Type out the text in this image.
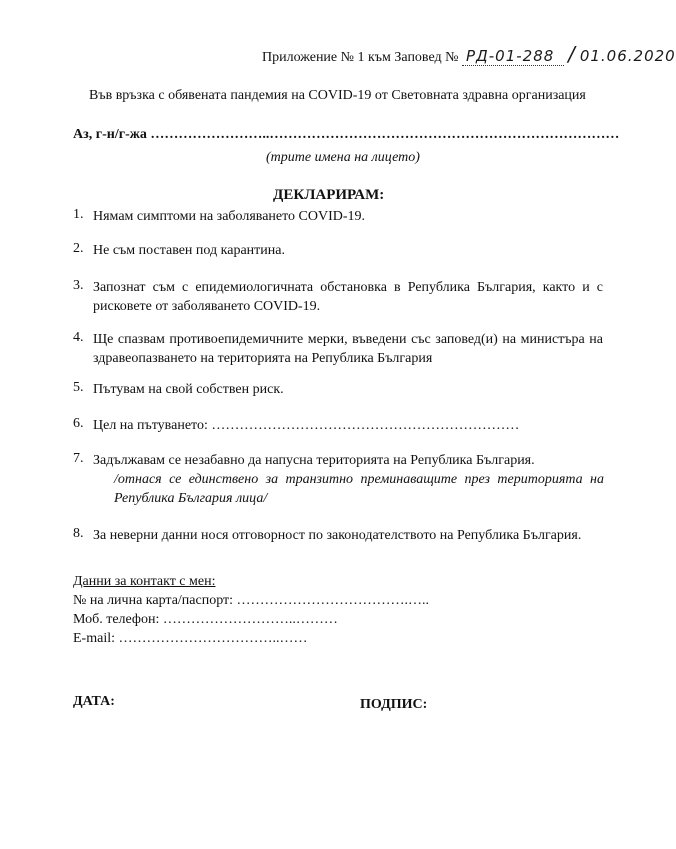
Приложение № 1 към Заповед № РД-01-288 / 01.06.2020
Във връзка с обявената пандемия на COVID-19 от Световната здравна организация
Аз, г-н/г-жа ……………………..…………………………………………………………………
(трите имена на лицето)
ДЕКЛАРИРАМ:
1. Нямам симптоми на заболяването COVID-19.
2. Не съм поставен под карантина.
3. Запознат съм с епидемиологичната обстановка в Република България, както и с рисковете от заболяването COVID-19.
4. Ще спазвам противоепидемичните мерки, въведени със заповед(и) на министъра на здравеопазването на територията на Република България
5. Пътувам на свой собствен риск.
6. Цел на пътуването: …………………………………………………………
7. Задължавам се незабавно да напусна територията на Република България.
/отнася се единствено за транзитно преминаващите през територията на Република България лица/
8. За неверни данни нося отговорност по законодателството на Република България.
Данни за контакт с мен:
№ на лична карта/паспорт: ……………………………….…..
Моб. телефон: ………………………..………
E-mail: ……………………………..……
ДАТА:	ПОДПИС:
